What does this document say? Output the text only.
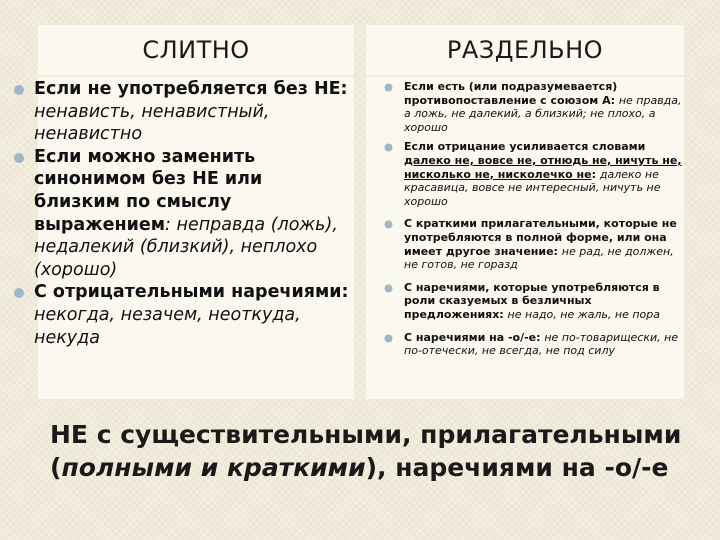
СЛИТНО	РАЗДЕЛЬНО
Если не употребляется без НЕ: ненависть, ненавистный, ненавистно
Если можно заменить синонимом без НЕ или близким по смыслу выражением: неправда (ложь), недалекий (близкий), неплохо (хорошо)
С отрицательными наречиями: некогда, незачем, неоткуда, некуда
Если есть (или подразумевается) противопоставление с союзом А: не правда, а ложь, не далекий, а близкий; не плохо, а хорошо
Если отрицание усиливается словами далеко не, вовсе не, отнюдь не, ничуть не, нисколько не, нисколечко не: далеко не красавица, вовсе не интересный, ничуть не хорошо
С краткими прилагательными, которые не употребляются в полной форме, или она имеет другое значение: не рад, не должен, не готов, не горазд
С наречиями, которые употребляются в роли сказуемых в безличных предложениях: не надо, не жаль, не пора
С наречиями на -о/-е: не по-товарищески, не по-отечески, не всегда, не под силу
НЕ с существительными, прилагательными (полными и краткими), наречиями на -о/-е
